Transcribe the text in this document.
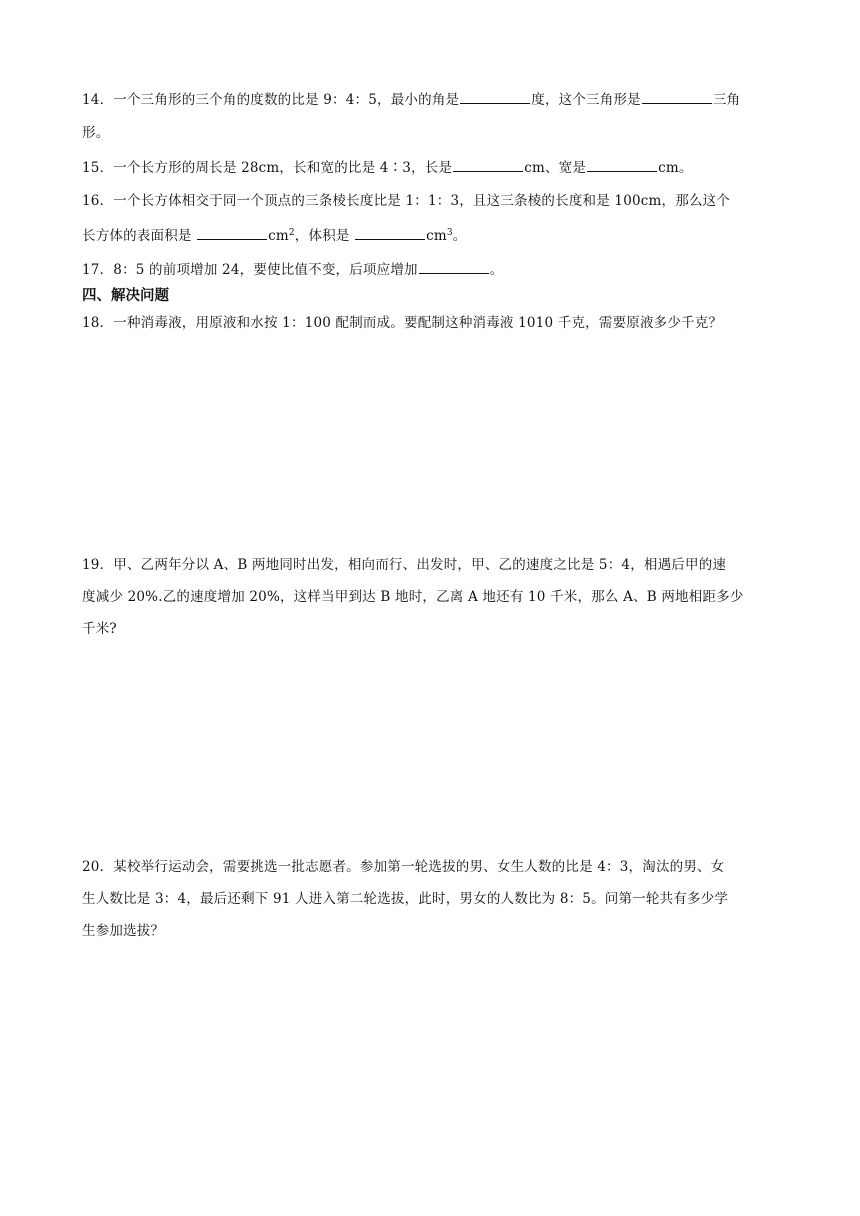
14．一个三角形的三个角的度数的比是 9：4：5，最小的角是	度，这个三角形是	三角
形。
15．一个长方形的周长是 28cm，长和宽的比是 4∶3，长是	cm、宽是	cm。
16．一个长方体相交于同一个顶点的三条棱长度比是 1：1：3，且这三条棱的长度和是 100cm，那么这个
长方体的表面积是	$cm^2$，体积是	$cm^3$。
17．8：5 的前项增加 24，要使比值不变，后项应增加	。
四、解决问题
18．一种消毒液，用原液和水按 1：100 配制而成。要配制这种消毒液 1010 千克，需要原液多少千克？
19．甲、乙两年分以 A、B 两地同时出发，相向而行、出发时，甲、乙的速度之比是 5：4，相遇后甲的速
度减少 20%.乙的速度增加 20%，这样当甲到达 B 地时，乙离 A 地还有 10 千米，那么 A、B 两地相距多少
千米?
20．某校举行运动会，需要挑选一批志愿者。参加第一轮选拔的男、女生人数的比是 4：3，淘汰的男、女
生人数比是 3：4，最后还剩下 91 人进入第二轮选拔，此时，男女的人数比为 8：5。问第一轮共有多少学
生参加选拔？
